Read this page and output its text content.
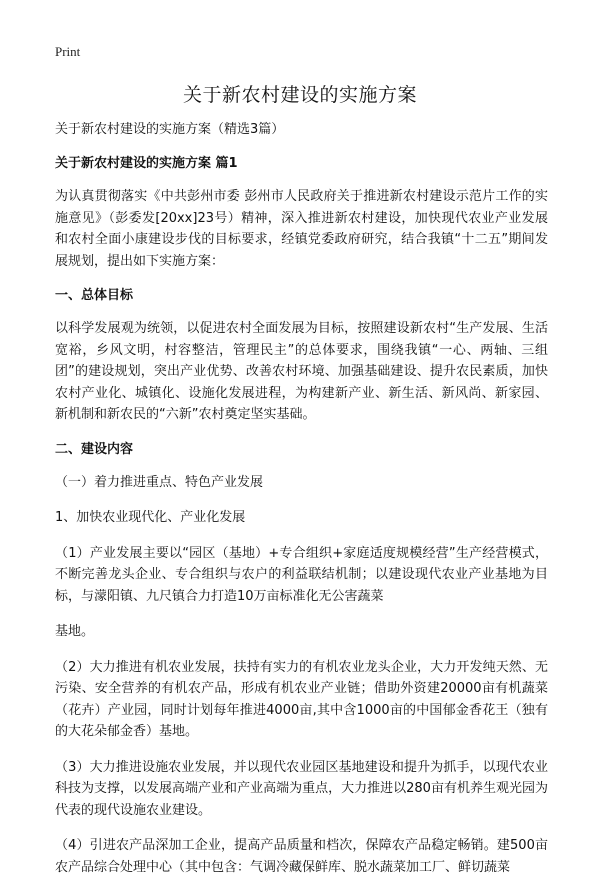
Print
关于新农村建设的实施方案

关于新农村建设的实施方案（精选3篇）

关于新农村建设的实施方案 篇1

为认真贯彻落实《中共彭州市委 彭州市人民政府关于推进新农村建设示范片工作的实施意见》（彭委发[20xx]23号）精神，深入推进新农村建设，加快现代农业产业发展和农村全面小康建设步伐的目标要求，经镇党委政府研究，结合我镇“十二五”期间发展规划，提出如下实施方案：

一、总体目标

以科学发展观为统领，以促进农村全面发展为目标，按照建设新农村“生产发展、生活宽裕，乡风文明，村容整洁，管理民主”的总体要求，围绕我镇“一心、两轴、三组团”的建设规划，突出产业优势、改善农村环境、加强基础建设、提升农民素质，加快农村产业化、城镇化、设施化发展进程，为构建新产业、新生活、新风尚、新家园、新机制和新农民的“六新”农村奠定坚实基础。

二、建设内容

（一）着力推进重点、特色产业发展

1、加快农业现代化、产业化发展

（1）产业发展主要以“园区（基地）+专合组织+家庭适度规模经营”生产经营模式，不断完善龙头企业、专合组织与农户的利益联结机制；以建设现代农业产业基地为目标，与濛阳镇、九尺镇合力打造10万亩标准化无公害蔬菜

基地。

（2）大力推进有机农业发展，扶持有实力的有机农业龙头企业，大力开发纯天然、无污染、安全营养的有机农产品，形成有机农业产业链；借助外资建20000亩有机蔬菜（花卉）产业园，同时计划每年推进4000亩,其中含1000亩的中国郁金香花王（独有的大花朵郁金香）基地。

（3）大力推进设施农业发展，并以现代农业园区基地建设和提升为抓手，以现代农业科技为支撑，以发展高端产业和产业高端为重点，大力推进以280亩有机养生观光园为代表的现代设施农业建设。

（4）引进农产品深加工企业，提高产品质量和档次，保障农产品稳定畅销。建500亩农产品综合处理中心（其中包含：气调冷藏保鲜库、脱水蔬菜加工厂、鲜切蔬菜
